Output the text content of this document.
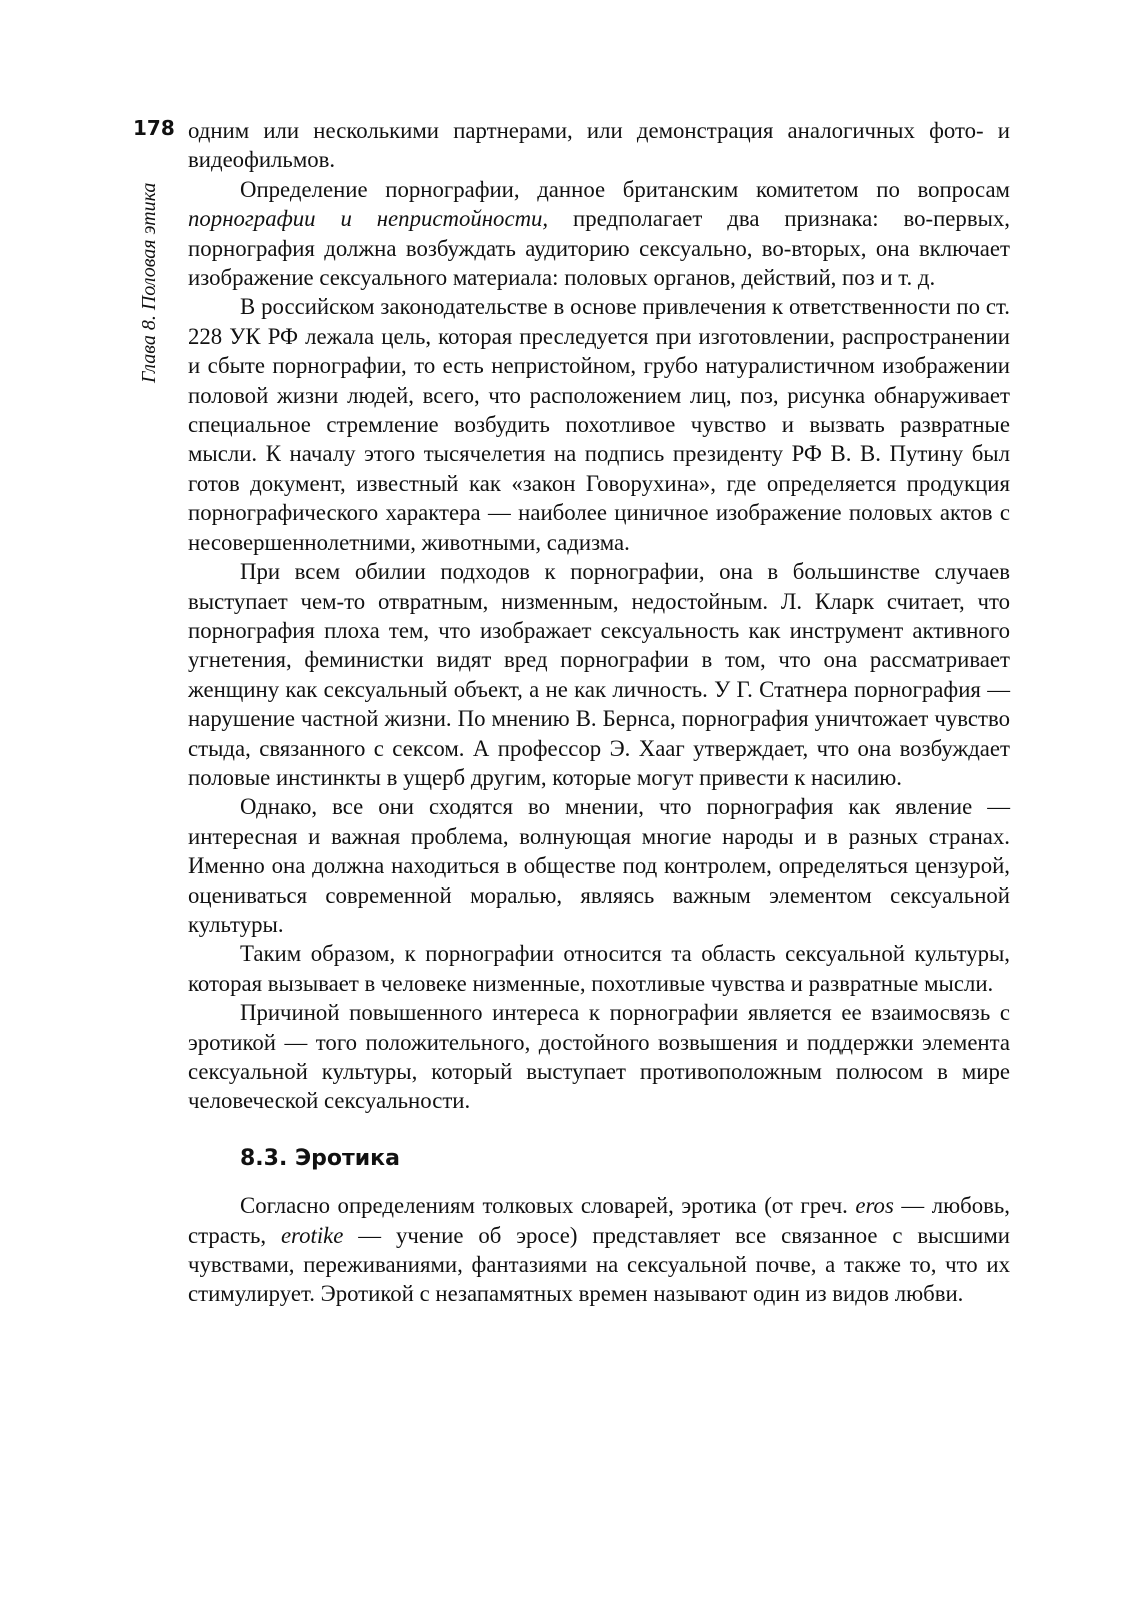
178
Глава 8. Половая этика

одним или несколькими партнерами, или демонстрация аналогичных фото- и видеофильмов.

Определение порнографии, данное британским комитетом по вопросам порнографии и непристойности, предполагает два признака: во-первых, порнография должна возбуждать аудиторию сексуально, во-вторых, она включает изображение сексуального материала: половых органов, действий, поз и т. д.

В российском законодательстве в основе привлечения к ответственности по ст. 228 УК РФ лежала цель, которая преследуется при изготовлении, распространении и сбыте порнографии, то есть непристойном, грубо натуралистичном изображении половой жизни людей, всего, что расположением лиц, поз, рисунка обнаруживает специальное стремление возбудить похотливое чувство и вызвать развратные мысли. К началу этого тысячелетия на подпись президенту РФ В. В. Путину был готов документ, известный как «закон Говорухина», где определяется продукция порнографического характера — наиболее циничное изображение половых актов с несовершеннолетними, животными, садизма.

При всем обилии подходов к порнографии, она в большинстве случаев выступает чем-то отвратным, низменным, недостойным. Л. Кларк считает, что порнография плоха тем, что изображает сексуальность как инструмент активного угнетения, феминистки видят вред порнографии в том, что она рассматривает женщину как сексуальный объект, а не как личность. У Г. Статнера порнография — нарушение частной жизни. По мнению В. Бернса, порнография уничтожает чувство стыда, связанного с сексом. А профессор Э. Хааг утверждает, что она возбуждает половые инстинкты в ущерб другим, которые могут привести к насилию.

Однако, все они сходятся во мнении, что порнография как явление — интересная и важная проблема, волнующая многие народы и в разных странах. Именно она должна находиться в обществе под контролем, определяться цензурой, оцениваться современной моралью, являясь важным элементом сексуальной культуры.

Таким образом, к порнографии относится та область сексуальной культуры, которая вызывает в человеке низменные, похотливые чувства и развратные мысли.

Причиной повышенного интереса к порнографии является ее взаимосвязь с эротикой — того положительного, достойного возвышения и поддержки элемента сексуальной культуры, который выступает противоположным полюсом в мире человеческой сексуальности.

8.3. Эротика

Согласно определениям толковых словарей, эротика (от греч. eros — любовь, страсть, erotike — учение об эросе) представляет все связанное с высшими чувствами, переживаниями, фантазиями на сексуальной почве, а также то, что их стимулирует. Эротикой с незапамятных времен называют один из видов любви.
